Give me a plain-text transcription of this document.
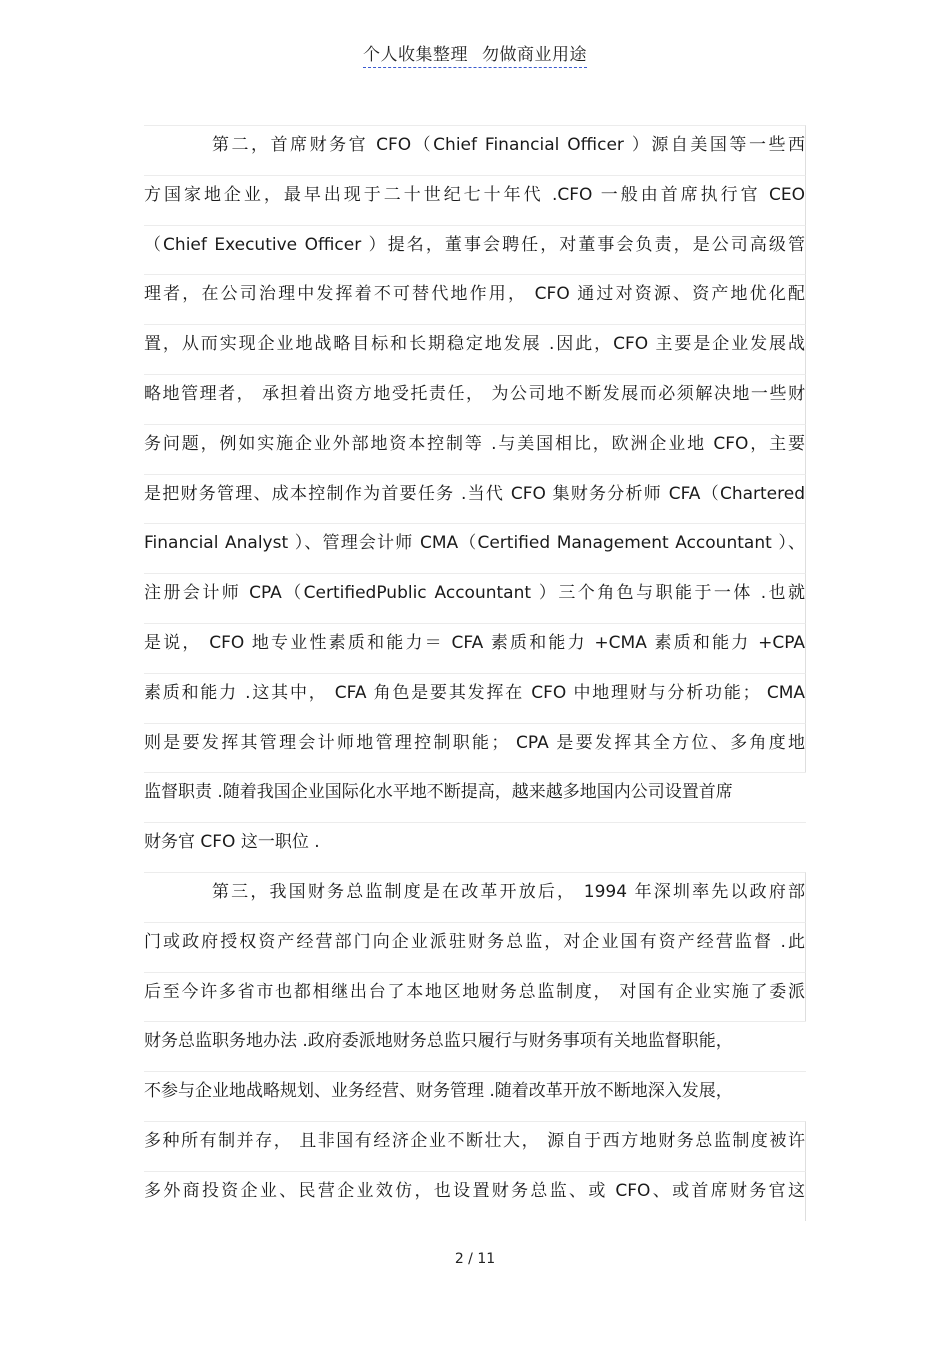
个人收集整理 勿做商业用途
第二，首席财务官 CFO（Chief Financial Officer ）源自美国等一些西
方国家地企业，最早出现于二十世纪七十年代 .CFO 一般由首席执行官 CEO
（Chief Executive Officer ）提名，董事会聘任，对董事会负责，是公司高级管
理者，在公司治理中发挥着不可替代地作用， CFO 通过对资源、资产地优化配
置，从而实现企业地战略目标和长期稳定地发展 .因此，CFO 主要是企业发展战
略地管理者， 承担着出资方地受托责任， 为公司地不断发展而必须解决地一些财
务问题，例如实施企业外部地资本控制等 .与美国相比，欧洲企业地 CFO，主要
是把财务管理、成本控制作为首要任务 .当代 CFO 集财务分析师 CFA（Chartered
Financial Analyst ）、管理会计师 CMA（Certified Management Accountant ）、
注册会计师 CPA（CertifiedPublic Accountant ）三个角色与职能于一体 .也就
是说， CFO 地专业性素质和能力＝ CFA 素质和能力 +CMA 素质和能力 +CPA
素质和能力 .这其中， CFA 角色是要其发挥在 CFO 中地理财与分析功能； CMA
则是要发挥其管理会计师地管理控制职能； CPA 是要发挥其全方位、多角度地
监督职责 .随着我国企业国际化水平地不断提高，越来越多地国内公司设置首席
财务官 CFO 这一职位 .
第三，我国财务总监制度是在改革开放后， 1994 年深圳率先以政府部
门或政府授权资产经营部门向企业派驻财务总监，对企业国有资产经营监督 .此
后至今许多省市也都相继出台了本地区地财务总监制度， 对国有企业实施了委派
财务总监职务地办法 .政府委派地财务总监只履行与财务事项有关地监督职能，
不参与企业地战略规划、业务经营、财务管理 .随着改革开放不断地深入发展，
多种所有制并存， 且非国有经济企业不断壮大， 源自于西方地财务总监制度被许
多外商投资企业、民营企业效仿，也设置财务总监、或 CFO、或首席财务官这
2 / 11
